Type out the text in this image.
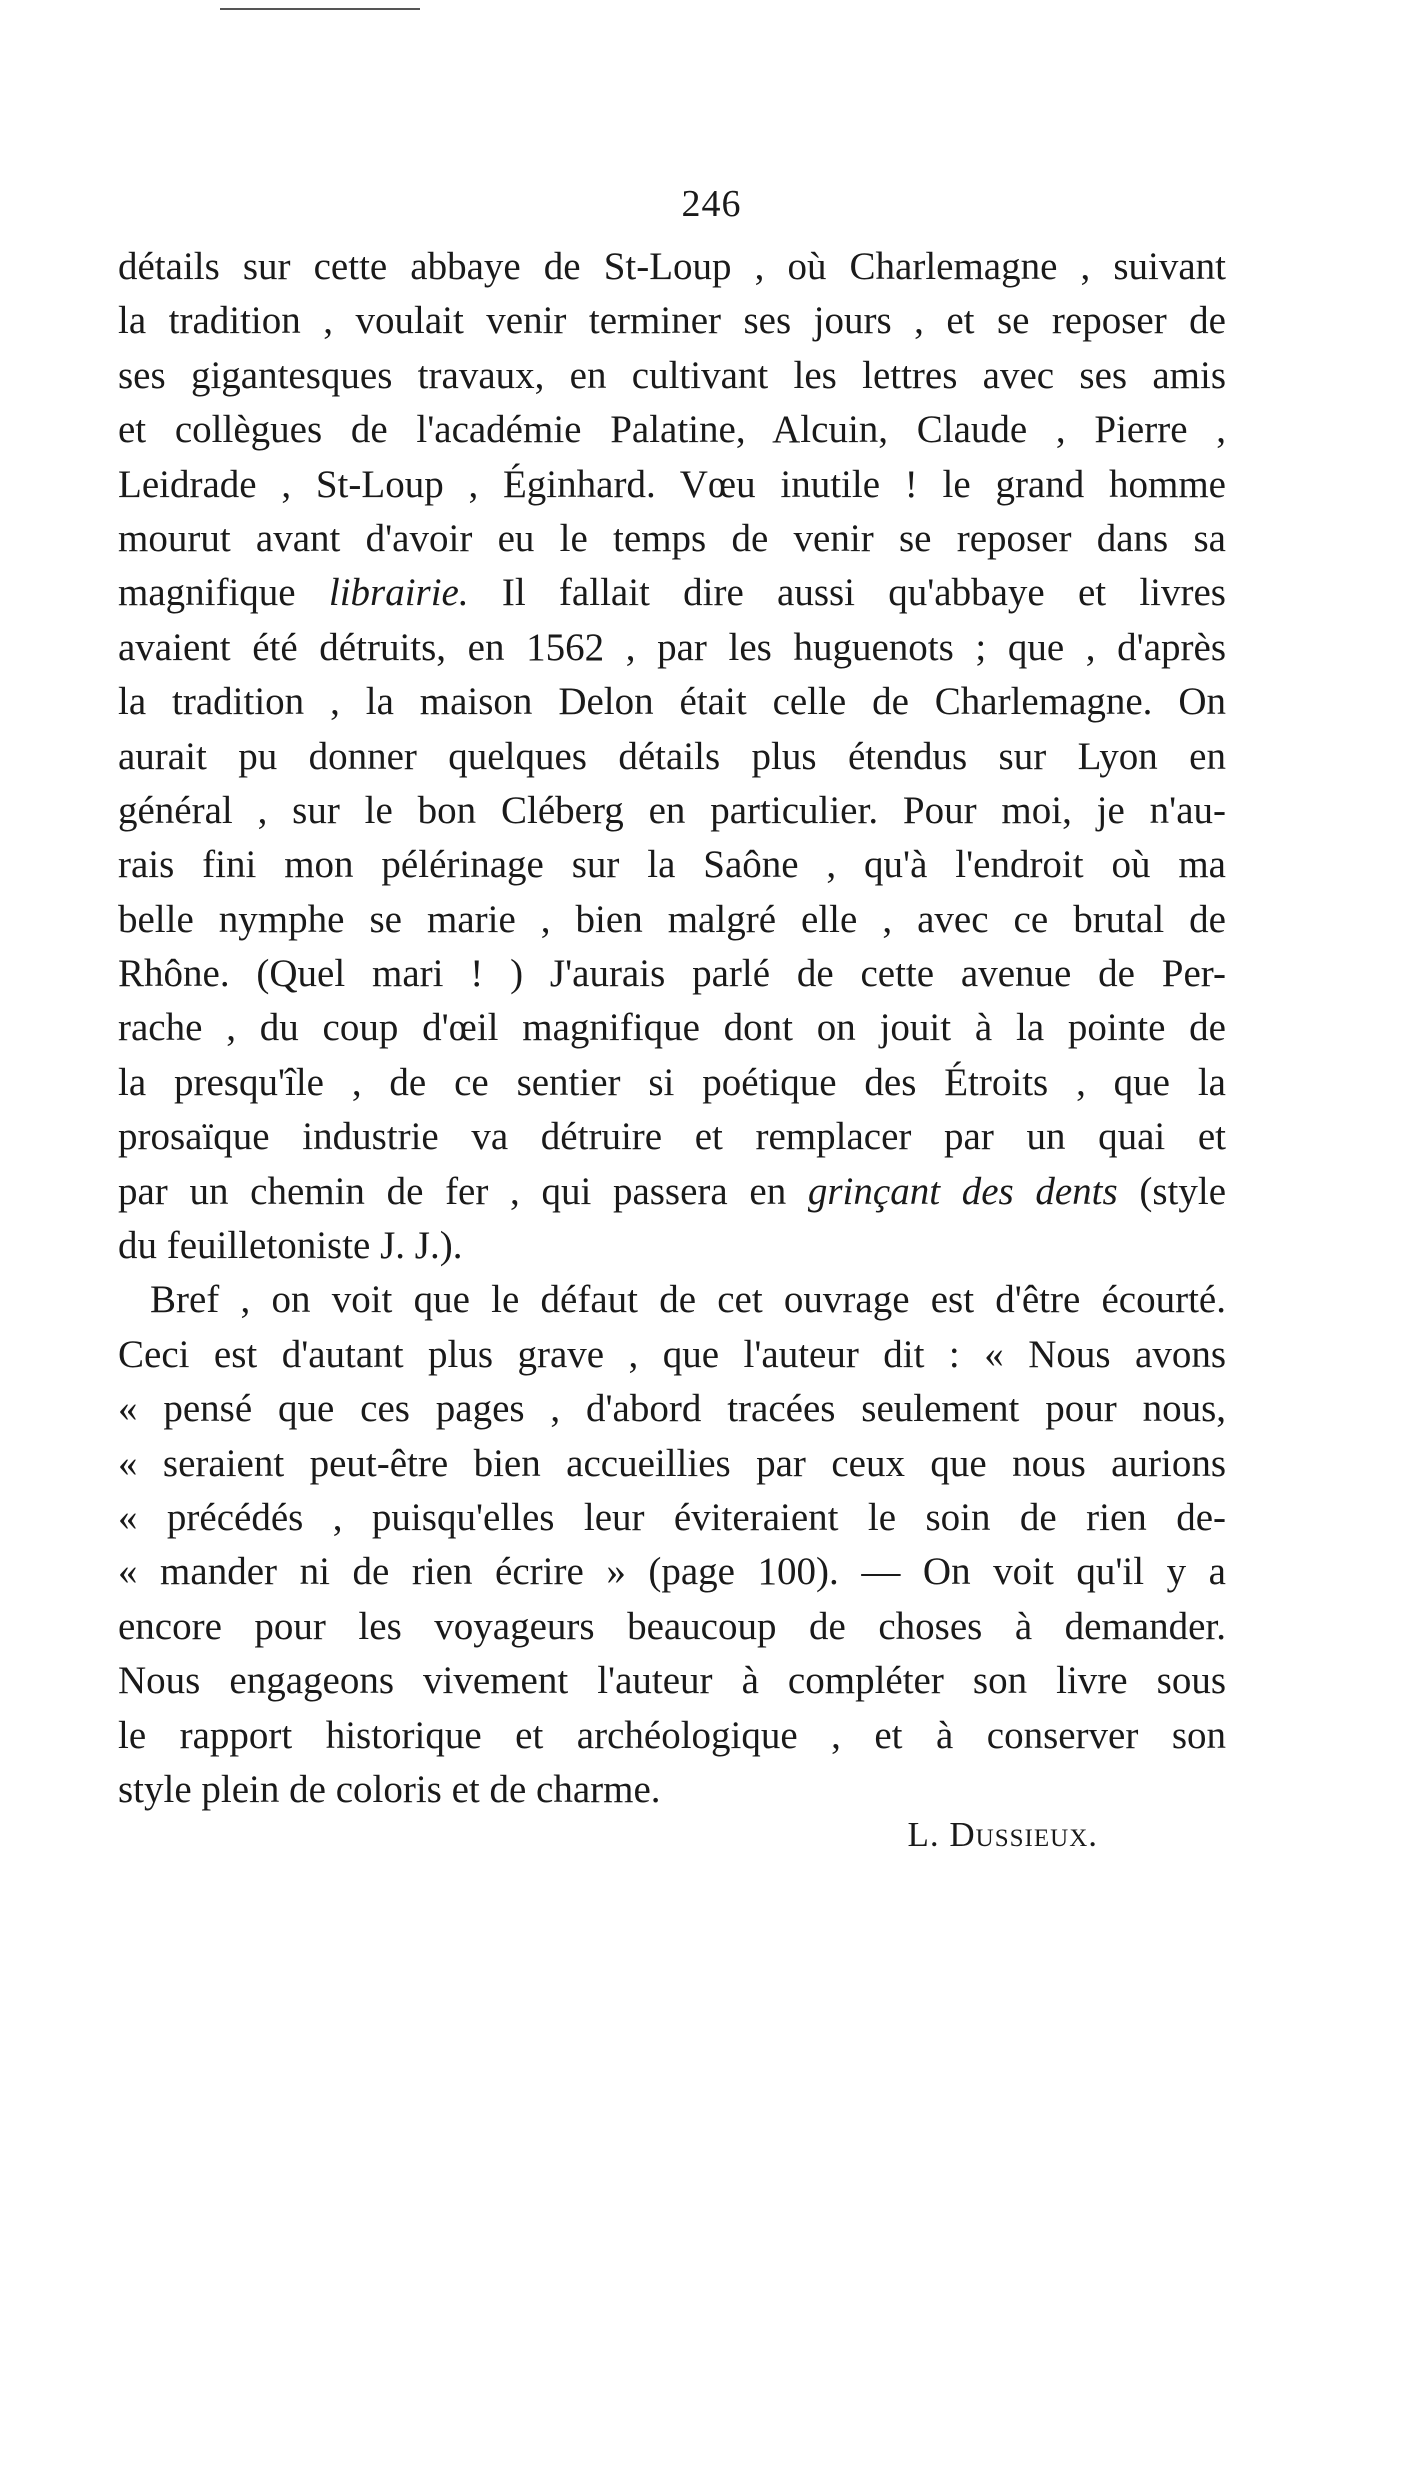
246
détails sur cette abbaye de St-Loup , où Charlemagne , suivant
la tradition , voulait venir terminer ses jours , et se reposer de
ses gigantesques travaux, en cultivant les lettres avec ses amis
et collègues de l'académie Palatine, Alcuin, Claude , Pierre ,
Leidrade , St-Loup , Éginhard. Vœu inutile ! le grand homme
mourut avant d'avoir eu le temps de venir se reposer dans sa
magnifique librairie. Il fallait dire aussi qu'abbaye et livres
avaient été détruits, en 1562 , par les huguenots ; que , d'après
la tradition , la maison Delon était celle de Charlemagne. On
aurait pu donner quelques détails plus étendus sur Lyon en
général , sur le bon Cléberg en particulier. Pour moi, je n'au-
rais fini mon pélérinage sur la Saône , qu'à l'endroit où ma
belle nymphe se marie , bien malgré elle , avec ce brutal de
Rhône. (Quel mari ! ) J'aurais parlé de cette avenue de Per-
rache , du coup d'œil magnifique dont on jouit à la pointe de
la presqu'île , de ce sentier si poétique des Étroits , que la
prosaïque industrie va détruire et remplacer par un quai et
par un chemin de fer , qui passera en grinçant des dents (style
du feuilletoniste J. J.).
Bref , on voit que le défaut de cet ouvrage est d'être écourté.
Ceci est d'autant plus grave , que l'auteur dit : « Nous avons
« pensé que ces pages , d'abord tracées seulement pour nous,
« seraient peut-être bien accueillies par ceux que nous aurions
« précédés , puisqu'elles leur éviteraient le soin de rien de-
« mander ni de rien écrire » (page 100). — On voit qu'il y a
encore pour les voyageurs beaucoup de choses à demander.
Nous engageons vivement l'auteur à compléter son livre sous
le rapport historique et archéologique , et à conserver son
style plein de coloris et de charme.
L. Dussieux.
